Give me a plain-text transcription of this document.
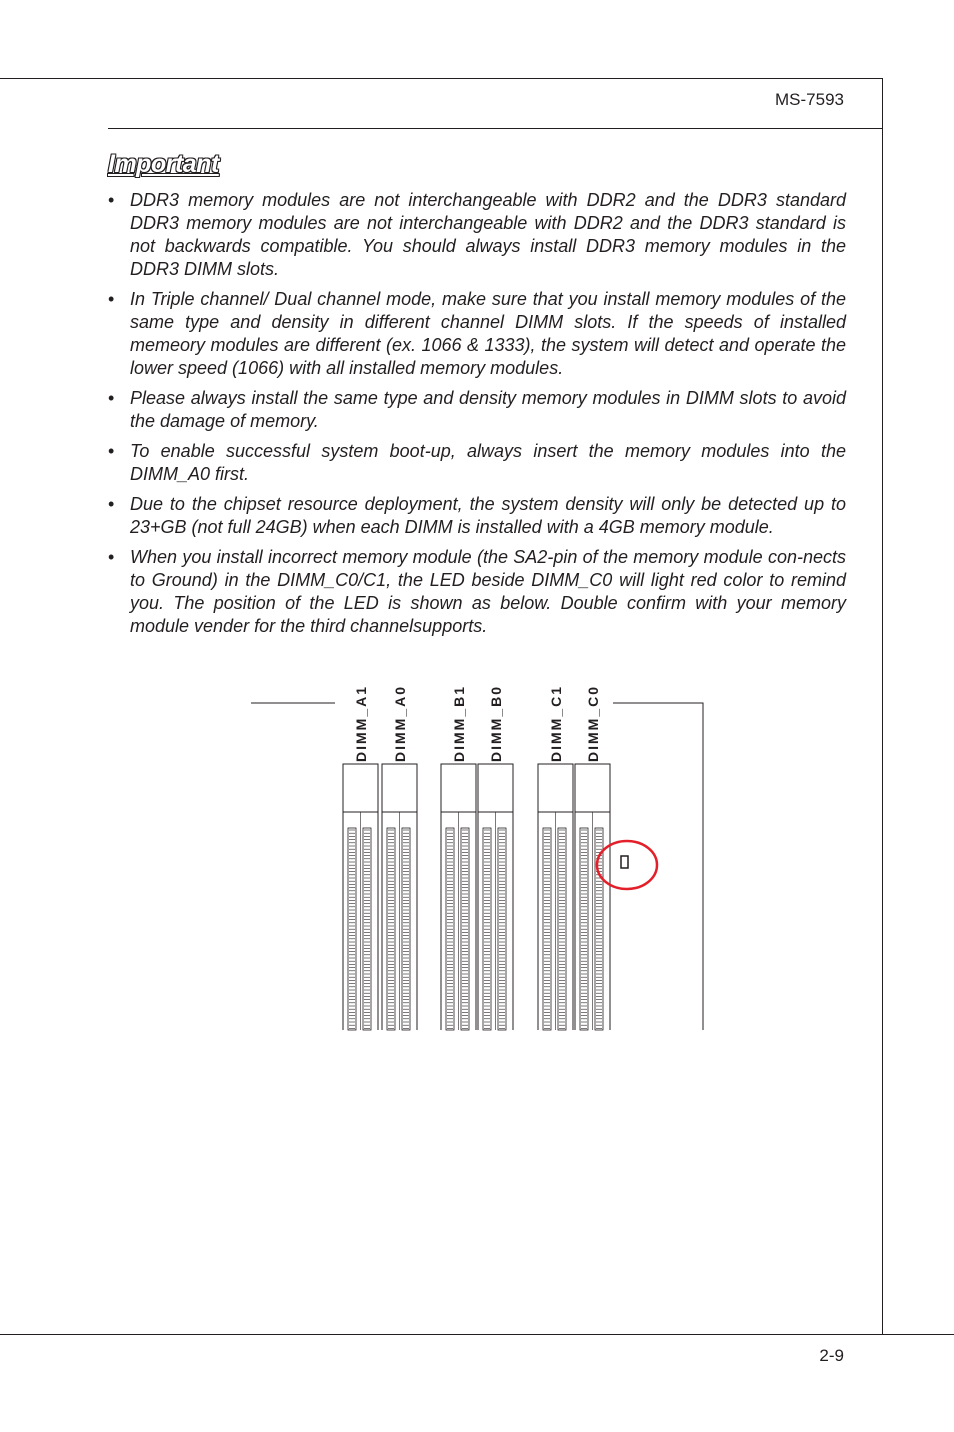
MS-7593
Important
• DDR3 memory modules are not interchangeable with DDR2 and the DDR3 standard DDR3 memory modules are not interchangeable with DDR2 and the DDR3 standard is not backwards compatible. You should always install DDR3 memory modules in the DDR3 DIMM slots.
• In Triple channel/ Dual channel mode, make sure that you install memory modules of the same type and density in different channel DIMM slots. If the speeds of installed memeory modules are different (ex. 1066 & 1333), the system will detect and operate the lower speed (1066) with all installed memory modules.
• Please always install the same type and density memory modules in DIMM slots to avoid the damage of memory.
• To enable successful system boot-up, always insert the memory modules into the DIMM_A0 first.
• Due to the chipset resource deployment, the system density will only be detected up to 23+GB (not full 24GB) when each DIMM is installed with a 4GB memory module.
• When you install incorrect memory module (the SA2-pin of the memory module con-nects to Ground) in the DIMM_C0/C1, the LED beside DIMM_C0 will light red color to remind you. The position of the LED is shown as below. Double confirm with your memory module vender for the third channelsupports.
DIMM_A1 DIMM_A0	DIMM_B1 DIMM_B0	DIMM_C1 DIMM_C0
2-9
